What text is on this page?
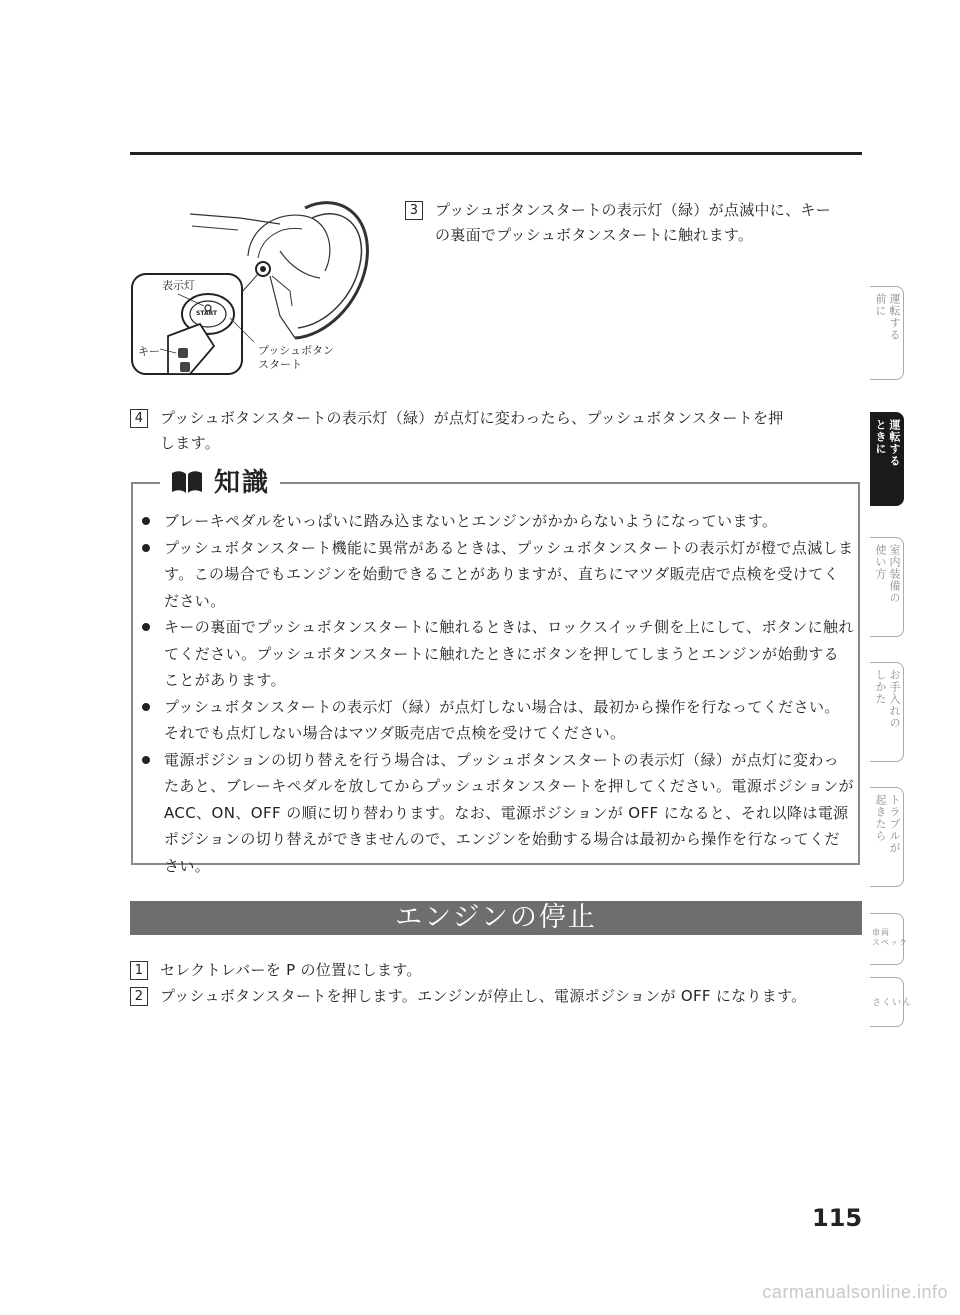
表示灯
START
キー	プッシュボタン
スタート
3	プッシュボタンスタートの表示灯（緑）が点滅中に、キー
の裏面でプッシュボタンスタートに触れます。
4	プッシュボタンスタートの表示灯（緑）が点灯に変わったら、プッシュボタンスタートを押
します。
知識
ブレーキペダルをいっぱいに踏み込まないとエンジンがかからないようになっています。
プッシュボタンスタート機能に異常があるときは、プッシュボタンスタートの表示灯が橙で点滅します。この場合でもエンジンを始動できることがありますが、直ちにマツダ販売店で点検を受けてください。
キーの裏面でプッシュボタンスタートに触れるときは、ロックスイッチ側を上にして、ボタンに触れてください。プッシュボタンスタートに触れたときにボタンを押してしまうとエンジンが始動することがあります。
プッシュボタンスタートの表示灯（緑）が点灯しない場合は、最初から操作を行なってください。それでも点灯しない場合はマツダ販売店で点検を受けてください。
電源ポジションの切り替えを行う場合は、プッシュボタンスタートの表示灯（緑）が点灯に変わったあと、ブレーキペダルを放してからプッシュボタンスタートを押してください。電源ポジションが ACC、ON、OFF の順に切り替わります。なお、電源ポジションが OFF になると、それ以降は電源ポジションの切り替えができませんので、エンジンを始動する場合は最初から操作を行なってください。
エンジンの停止
1	セレクトレバーを P の位置にします。
2	プッシュボタンスタートを押します。エンジンが停止し、電源ポジションが OFF になります。
運転する
前に
運転する
ときに
室内装備の
使い方
お手入れの
しかた
トラブルが
起きたら
車両
スペック
さくいん
115
carmanualsonline.info
